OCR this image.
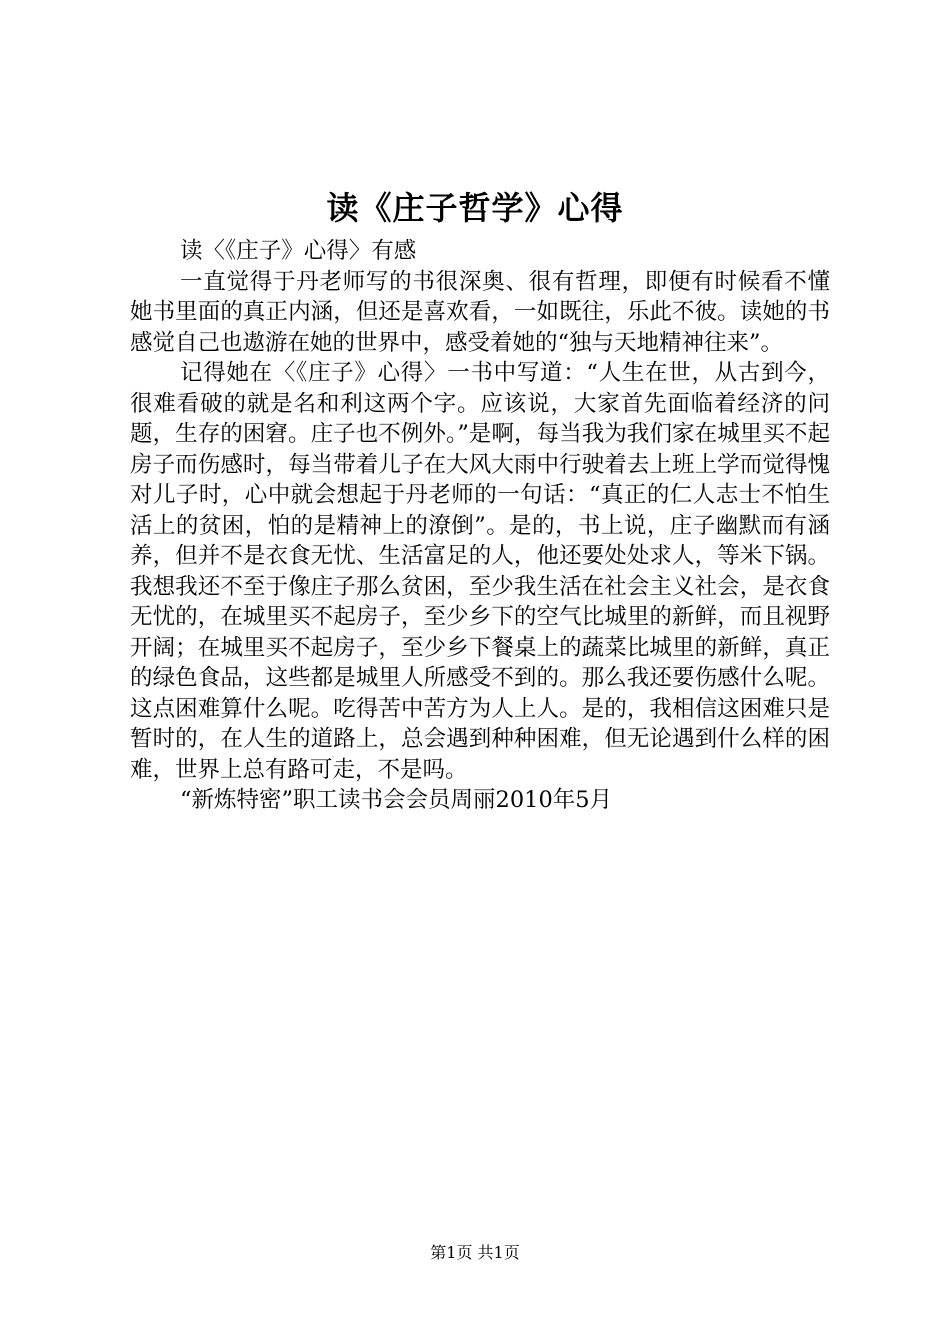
读《庄子哲学》心得

读〈《庄子》心得〉有感

一直觉得于丹老师写的书很深奥、很有哲理，即便有时候看不懂她书里面的真正内涵，但还是喜欢看，一如既往，乐此不彼。读她的书感觉自己也遨游在她的世界中，感受着她的“独与天地精神往来”。

记得她在〈《庄子》心得〉一书中写道：“人生在世，从古到今，很难看破的就是名和利这两个字。应该说，大家首先面临着经济的问题，生存的困窘。庄子也不例外。”是啊，每当我为我们家在城里买不起房子而伤感时，每当带着儿子在大风大雨中行驶着去上班上学而觉得愧对儿子时，心中就会想起于丹老师的一句话：“真正的仁人志士不怕生活上的贫困，怕的是精神上的潦倒”。是的，书上说，庄子幽默而有涵养，但并不是衣食无忧、生活富足的人，他还要处处求人，等米下锅。我想我还不至于像庄子那么贫困，至少我生活在社会主义社会，是衣食无忧的，在城里买不起房子，至少乡下的空气比城里的新鲜，而且视野开阔；在城里买不起房子，至少乡下餐桌上的蔬菜比城里的新鲜，真正的绿色食品，这些都是城里人所感受不到的。那么我还要伤感什么呢。这点困难算什么呢。吃得苦中苦方为人上人。是的，我相信这困难只是暂时的，在人生的道路上，总会遇到种种困难，但无论遇到什么样的困难，世界上总有路可走，不是吗。

“新炼特密”职工读书会会员周丽2010年5月

第1页 共1页
